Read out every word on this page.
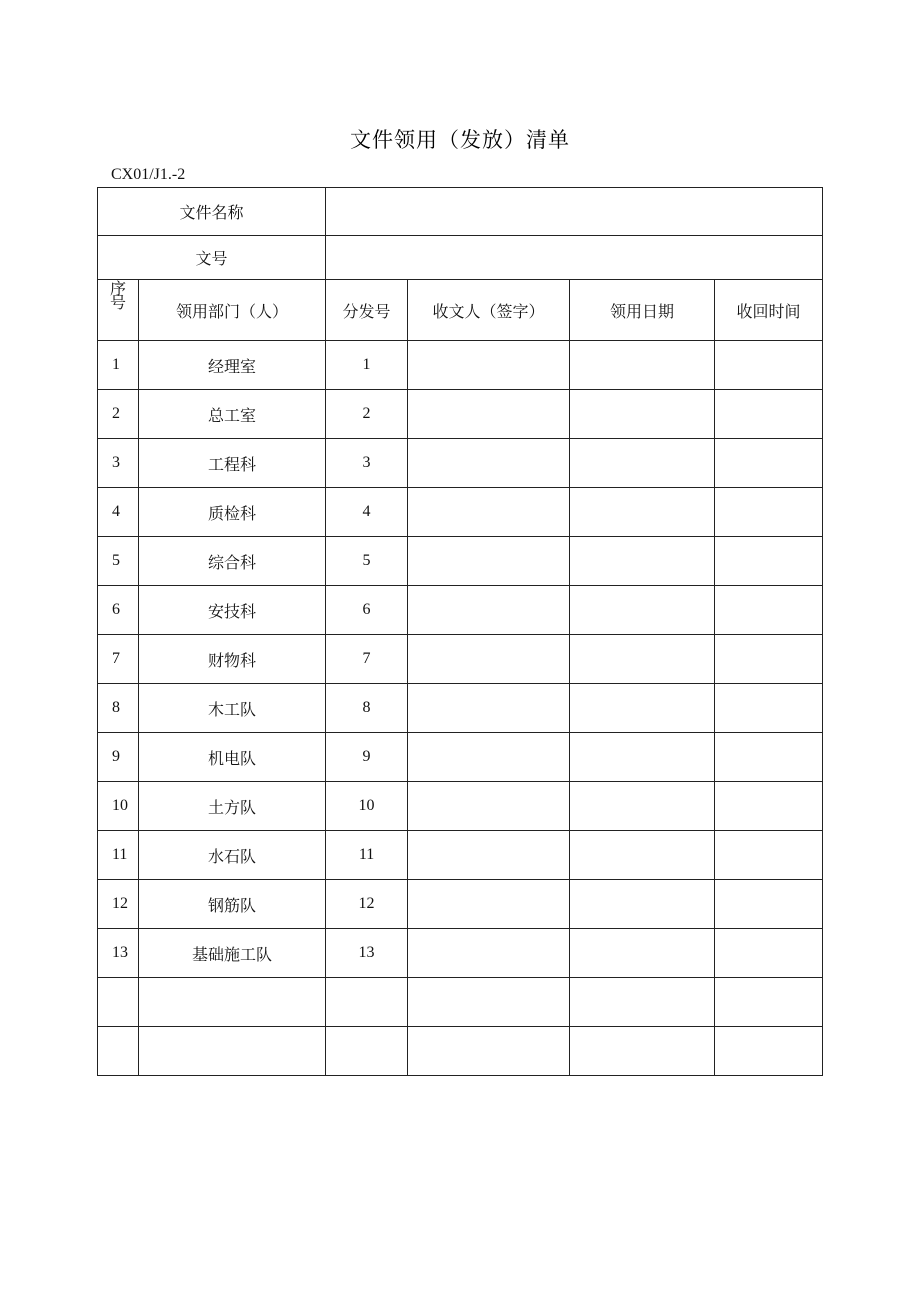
文件领用（发放）清单
CX01/J1.-2
文件名称					
文号					

序
号	领用部门（人）	分发号	收文人（签字）	领用日期	收回时间
1	经理室	1			
2	总工室	2			
3	工程科	3			
4	质检科	4			
5	综合科	5			
6	安技科	6			
7	财物科	7			
8	木工队	8			
9	机电队	9			
10	土方队	10			
11	水石队	11			
12	钢筋队	12			
13	基础施工队	13			
